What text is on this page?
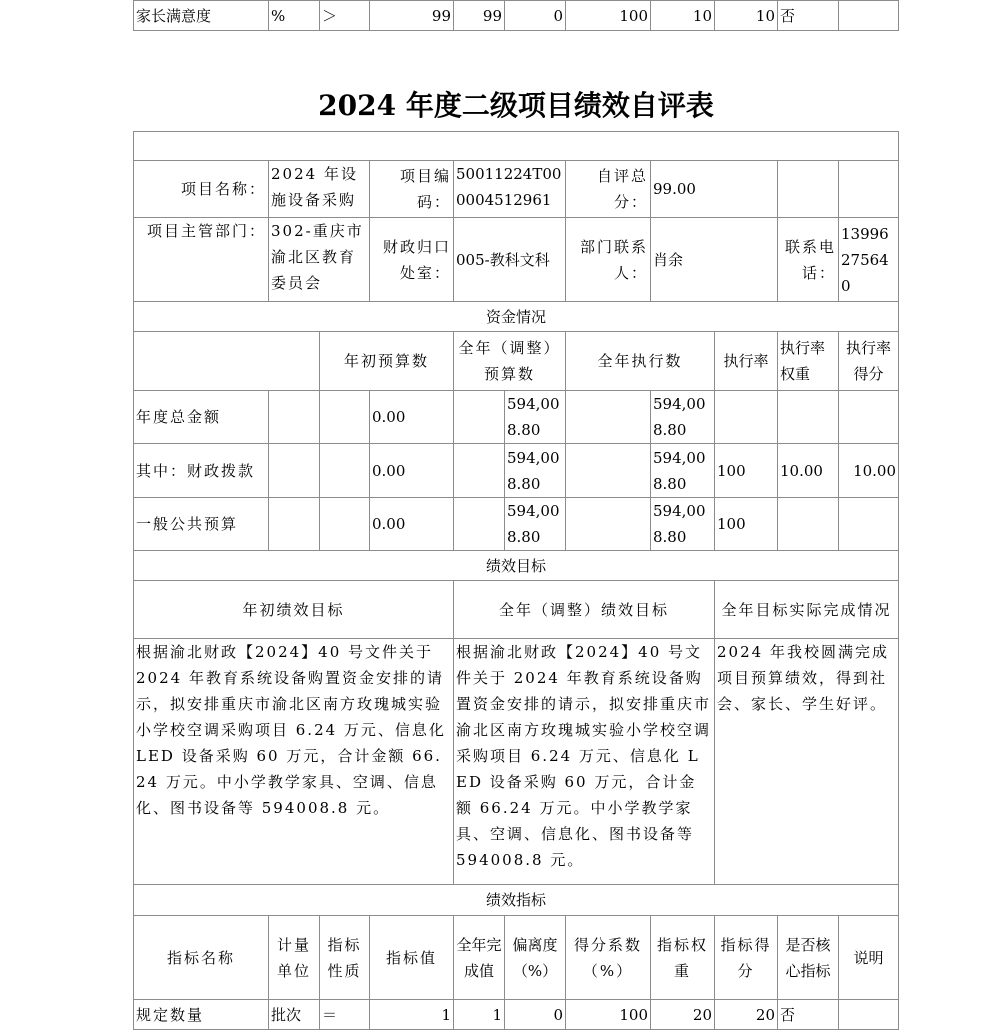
家长满意度	%	＞	99	99	0	100	10	10	否	
2024 年度二级项目绩效自评表

项目名称：	2024 年设施设备采购		项目编码：	50011224T000004512961		自评总分：	99.00			
项目主管部门：	302-重庆市渝北区教育委员会		财政归口处室：	005-教科文科		部门联系人：	肖余		联系电话：	13996275640
资金情况										
		年初预算数		全年（调整）预算数		全年执行数		执行率	执行率权重	执行率得分
年度总金额			0.00		594,008.80		594,008.80			
其中：财政拨款			0.00		594,008.80		594,008.80	100	10.00	10.00
一般公共预算			0.00		594,008.80		594,008.80	100		
绩效目标										
年初绩效目标				全年（调整）绩效目标				全年目标实际完成情况		
根据渝北财政【2024】40 号文件关于 2024 年教育系统设备购置资金安排的请示，拟安排重庆市渝北区南方玫瑰城实验小学校空调采购项目 6.24 万元、信息化 LED 设备采购 60 万元，合计金额 66.24 万元。中小学教学家具、空调、信息化、图书设备等 594008.8 元。				根据渝北财政【2024】40 号文件关于 2024 年教育系统设备购置资金安排的请示，拟安排重庆市渝北区南方玫瑰城实验小学校空调采购项目 6.24 万元、信息化 LED 设备采购 60 万元，合计金额 66.24 万元。中小学教学家具、空调、信息化、图书设备等 594008.8 元。				2024 年我校圆满完成项目预算绩效，得到社会、家长、学生好评。		
绩效指标										
指标名称	计量单位	指标性质	指标值	全年完成值	偏离度（%）	得分系数（%）	指标权重	指标得分	是否核心指标	说明
规定数量	批次	＝	1	1	0	100	20	20	否	
